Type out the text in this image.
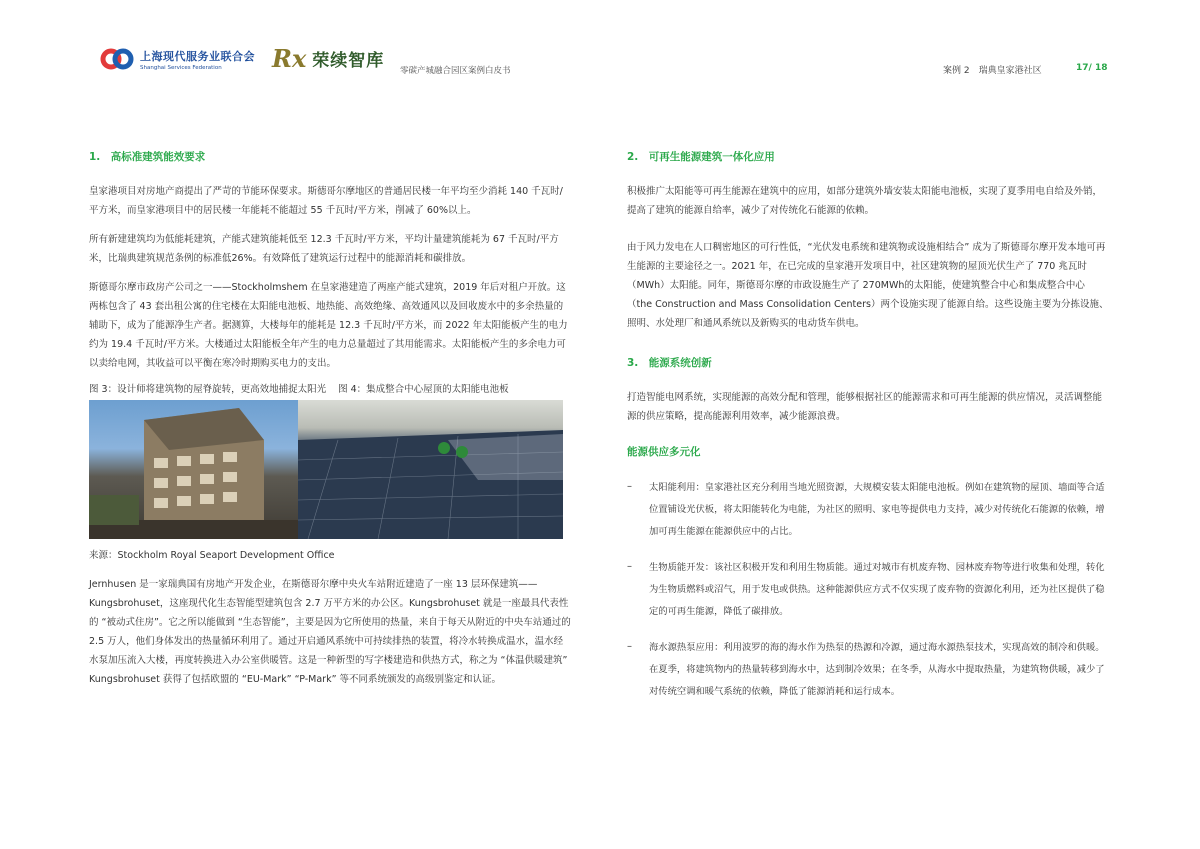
上海现代服务业联合会
Shanghai Services Federation	Rx 荣续智库 零碳产城融合园区案例白皮书	案例 2　瑞典皇家港社区	17/ 18
1.　高标准建筑能效要求

皇家港项目对房地产商提出了严苛的节能环保要求。斯德哥尔摩地区的普通居民楼一年平均至少消耗 140 千瓦时/平方米，而皇家港项目中的居民楼一年能耗不能超过 55 千瓦时/平方米，削减了 60%以上。

所有新建建筑均为低能耗建筑，产能式建筑能耗低至 12.3 千瓦时/平方米，平均计量建筑能耗为 67 千瓦时/平方米，比瑞典建筑规范条例的标准低26%。有效降低了建筑运行过程中的能源消耗和碳排放。

斯德哥尔摩市政房产公司之一——Stockholmshem 在皇家港建造了两座产能式建筑，2019 年后对租户开放。这两栋包含了 43 套出租公寓的住宅楼在太阳能电池板、地热能、高效绝缘、高效通风以及回收废水中的多余热量的辅助下，成为了能源净生产者。据测算，大楼每年的能耗是 12.3 千瓦时/平方米，而 2022 年太阳能板产生的电力约为 19.4 千瓦时/平方米。大楼通过太阳能板全年产生的电力总量超过了其用能需求。太阳能板产生的多余电力可以卖给电网，其收益可以平衡在寒冷时期购买电力的支出。

图 3：设计师将建筑物的屋脊旋转，更高效地捕捉太阳光 图 4：集成整合中心屋顶的太阳能电池板
来源：Stockholm Royal Seaport Development Office

Jernhusen 是一家瑞典国有房地产开发企业，在斯德哥尔摩中央火车站附近建造了一座 13 层环保建筑——Kungsbrohuset，这座现代化生态智能型建筑包含 2.7 万平方米的办公区。Kungsbrohuset 就是一座最具代表性的 “被动式住房”。它之所以能做到 “生态智能”，主要是因为它所使用的热量，来自于每天从附近的中央车站通过的 2.5 万人，他们身体发出的热量循环利用了。通过开启通风系统中可持续排热的装置，将冷水转换成温水，温水经水泵加压流入大楼，再度转换进入办公室供暖管。这是一种新型的写字楼建造和供热方式，称之为 “体温供暖建筑” Kungsbrohuset 获得了包括欧盟的 “EU-Mark” “P-Mark” 等不同系统颁发的高级别鉴定和认证。

2.　可再生能源建筑一体化应用

积极推广太阳能等可再生能源在建筑中的应用，如部分建筑外墙安装太阳能电池板，实现了夏季用电自给及外销，提高了建筑的能源自给率，减少了对传统化石能源的依赖。

由于风力发电在人口稠密地区的可行性低，“光伏发电系统和建筑物或设施相结合” 成为了斯德哥尔摩开发本地可再生能源的主要途径之一。2021 年，在已完成的皇家港开发项目中，社区建筑物的屋顶光伏生产了 770 兆瓦时（MWh）太阳能。同年，斯德哥尔摩的市政设施生产了 270MWh的太阳能，使建筑整合中心和集成整合中心（the Construction and Mass Consolidation Centers）两个设施实现了能源自给。这些设施主要为分拣设施、照明、水处理厂和通风系统以及新购买的电动货车供电。

3.　能源系统创新

打造智能电网系统，实现能源的高效分配和管理，能够根据社区的能源需求和可再生能源的供应情况，灵活调整能源的供应策略，提高能源利用效率，减少能源浪费。

能源供应多元化
–	太阳能利用：皇家港社区充分利用当地光照资源，大规模安装太阳能电池板。例如在建筑物的屋顶、墙面等合适位置铺设光伏板，将太阳能转化为电能，为社区的照明、家电等提供电力支持，减少对传统化石能源的依赖，增加可再生能源在能源供应中的占比。

–	生物质能开发：该社区积极开发和利用生物质能。通过对城市有机废弃物、园林废弃物等进行收集和处理，转化为生物质燃料或沼气，用于发电或供热。这种能源供应方式不仅实现了废弃物的资源化利用，还为社区提供了稳定的可再生能源，降低了碳排放。

–	海水源热泵应用：利用波罗的海的海水作为热泵的热源和冷源，通过海水源热泵技术，实现高效的制冷和供暖。在夏季，将建筑物内的热量转移到海水中，达到制冷效果；在冬季，从海水中提取热量，为建筑物供暖，减少了对传统空调和暖气系统的依赖，降低了能源消耗和运行成本。
